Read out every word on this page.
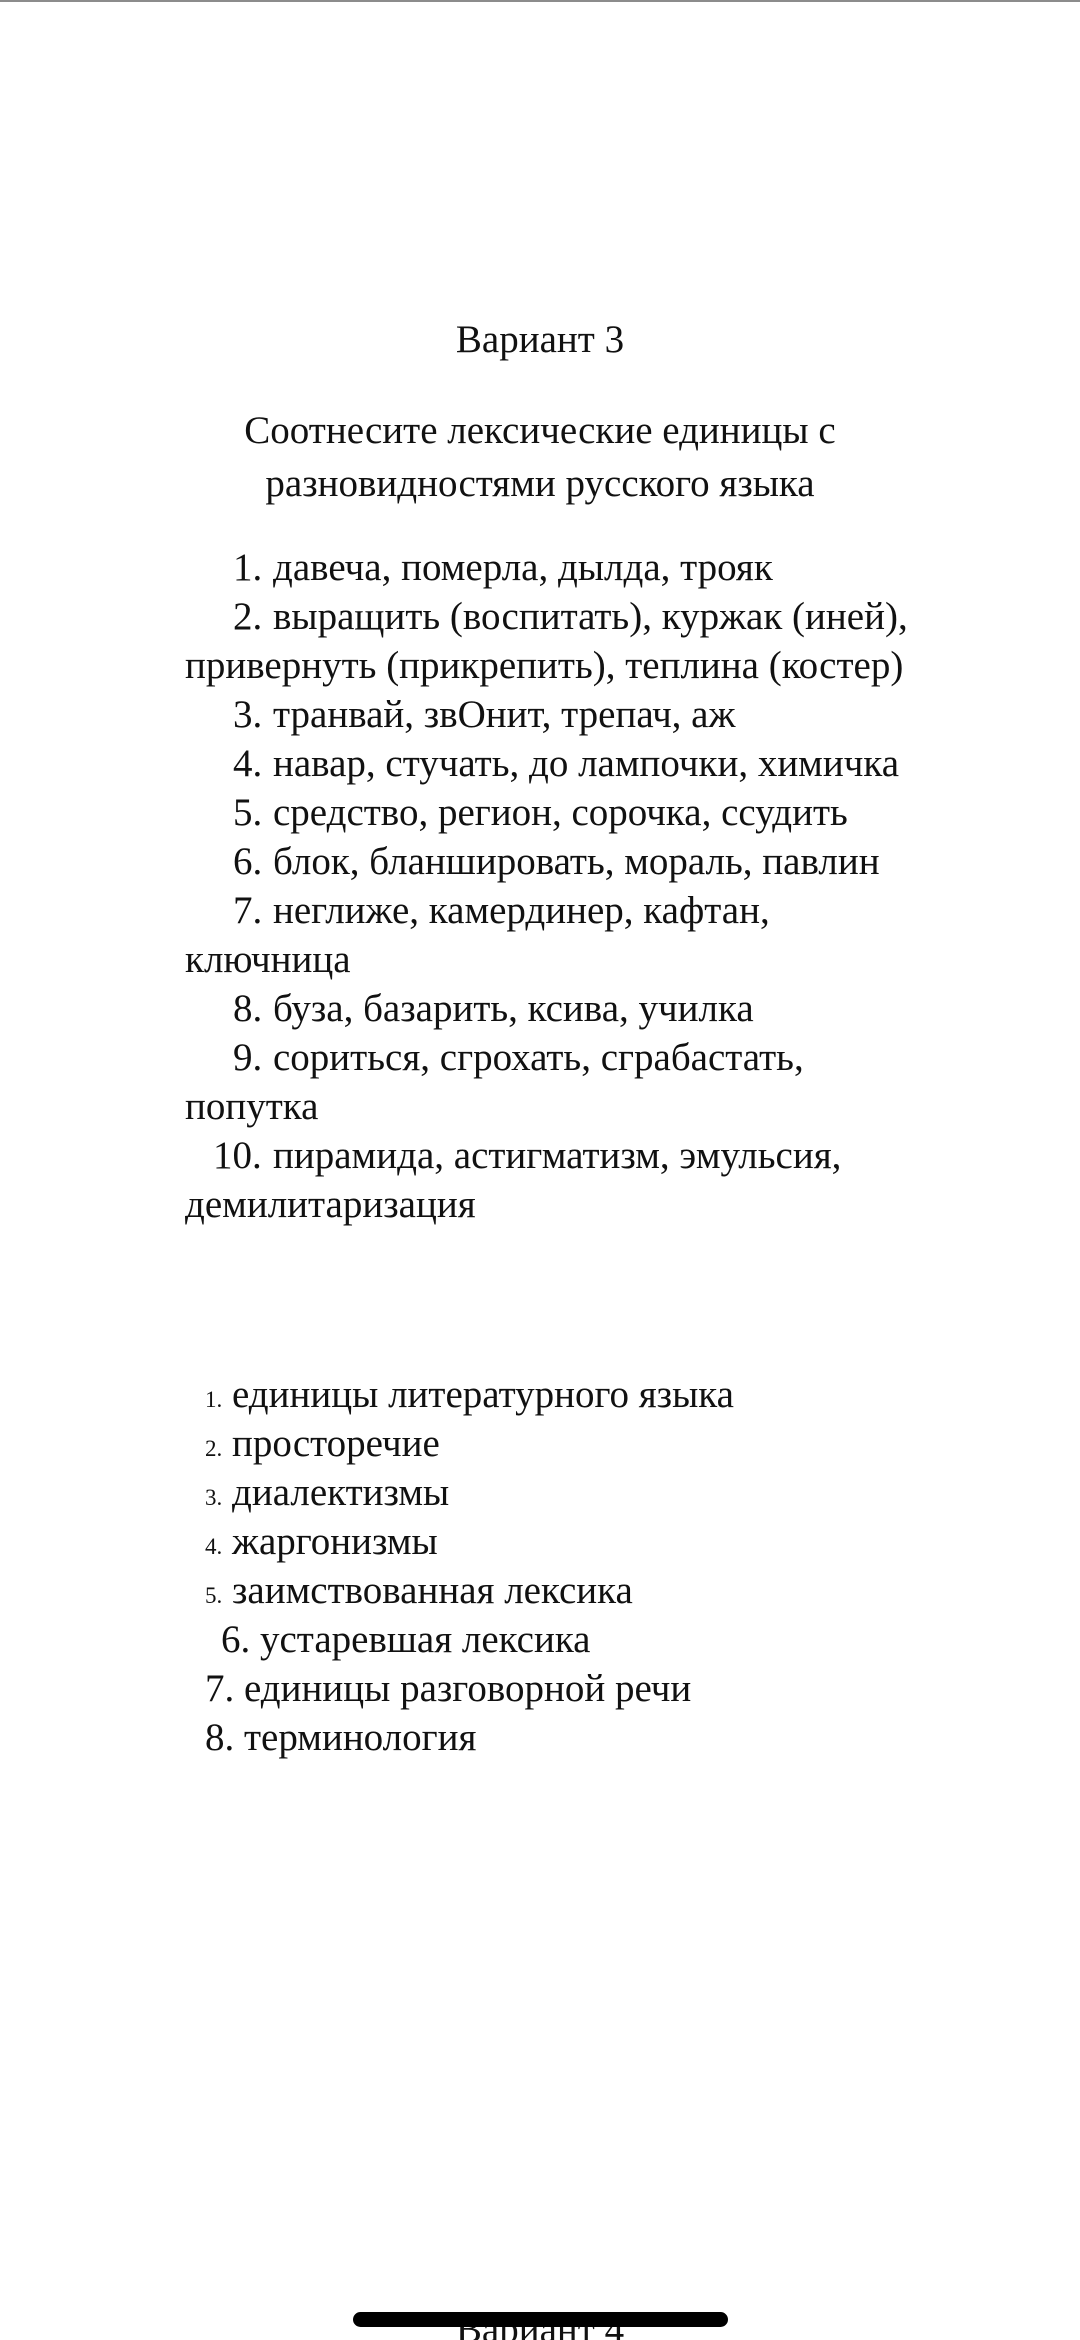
Вариант 3
Соотнесите лексические единицы с разновидностями русского языка
1. давеча, померла, дылда, трояк
2. выращить (воспитать), куржак (иней),
привернуть (прикрепить), теплина (костер)
3. транвай, звОнит, трепач, аж
4. навар, стучать, до лампочки, химичка
5. средство, регион, сорочка, ссудить
6. блок, бланшировать, мораль, павлин
7. неглиже, камердинер, кафтан,
ключница
8. буза, базарить, ксива, училка
9. сориться, сгрохать, сграбастать,
попутка
10. пирамида, астигматизм, эмульсия,
демилитаризация
1. единицы литературного языка
2. просторечие
3. диалектизмы
4. жаргонизмы
5. заимствованная лексика
6. устаревшая лексика
7. единицы разговорной речи
8. терминология
